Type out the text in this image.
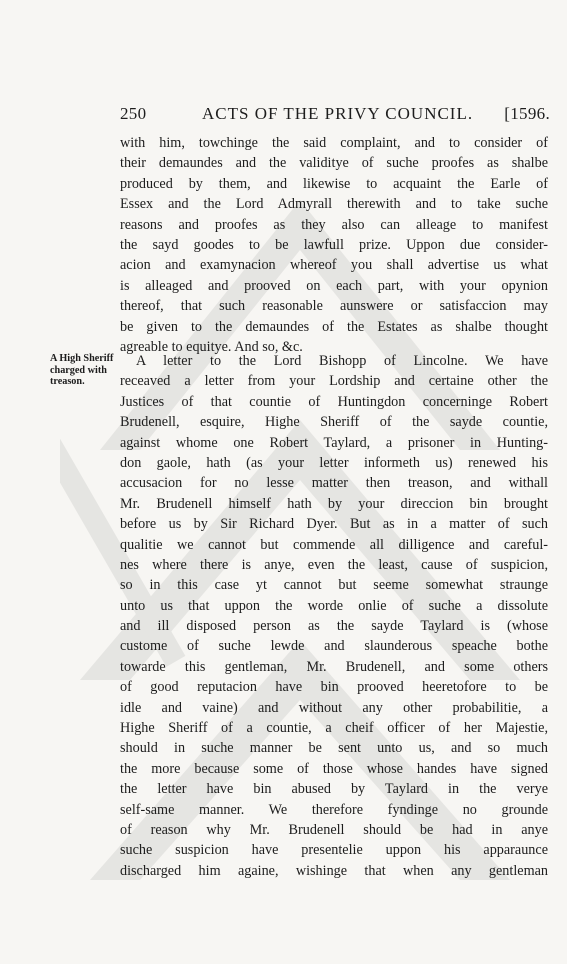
250	ACTS OF THE PRIVY COUNCIL. [1596.
with him, towchinge the said complaint, and to consider of
their demaundes and the validitye of suche proofes as shalbe
produced by them, and likewise to acquaint the Earle of
Essex and the Lord Admyrall therewith and to take suche
reasons and proofes as they also can alleage to manifest
the sayd goodes to be lawfull prize. Uppon due consider-
acion and examynacion whereof you shall advertise us what
is alleaged and prooved on each part, with your opynion
thereof, that such reasonable aunswere or satisfaccion may
be given to the demaundes of the Estates as shalbe thought
agreable to equitye. And so, &c.
A High Sheriff
charged with
treason.
A letter to the Lord Bishopp of Lincolne. We have
receaved a letter from your Lordship and certaine other the
Justices of that countie of Huntingdon concerninge Robert
Brudenell, esquire, Highe Sheriff of the sayde countie,
against whome one Robert Taylard, a prisoner in Hunting-
don gaole, hath (as your letter informeth us) renewed his
accusacion for no lesse matter then treason, and withall
Mr. Brudenell himself hath by your direccion bin brought
before us by Sir Richard Dyer. But as in a matter of such
qualitie we cannot but commende all dilligence and careful-
nes where there is anye, even the least, cause of suspicion,
so in this case yt cannot but seeme somewhat straunge
unto us that uppon the worde onlie of suche a dissolute
and ill disposed person as the sayde Taylard is (whose
custome of suche lewde and slaunderous speache bothe
towarde this gentleman, Mr. Brudenell, and some others
of good reputacion have bin prooved heeretofore to be
idle and vaine) and without any other probabilitie, a
Highe Sheriff of a countie, a cheif officer of her Majestie,
should in suche manner be sent unto us, and so much
the more because some of those whose handes have signed
the letter have bin abused by Taylard in the verye
self-same manner. We therefore fyndinge no grounde
of reason why Mr. Brudenell should be had in anye
suche suspicion have presentelie uppon his apparaunce
discharged him againe, wishinge that when any gentleman
